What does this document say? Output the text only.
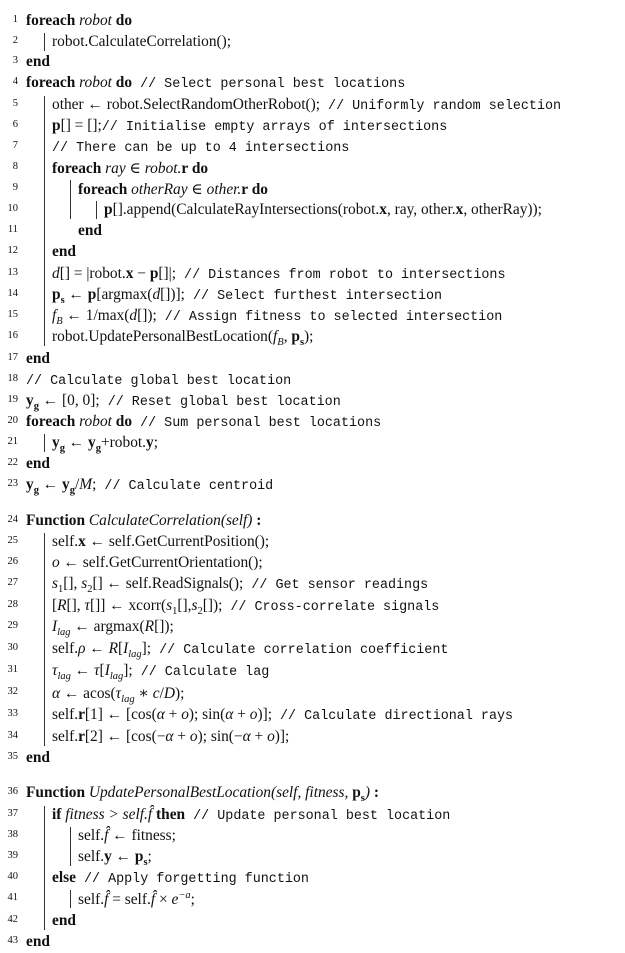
1 foreach robot do
2 robot.CalculateCorrelation();
3 end
4 foreach robot do // Select personal best locations
5 other ← robot.SelectRandomOtherRobot(); // Uniformly random selection
6 p[] = [];// Initialise empty arrays of intersections
7	// There can be up to 4 intersections
8 foreach ray ∈ robot.r do
9	foreach otherRay ∈ other.r do
10	p[].append(CalculateRayIntersections(robot.x, ray, other.x, otherRay));
11	end
12 end
13 d[] = |robot.x − p[]|; // Distances from robot to intersections
14 $p_s$ ← p[argmax(d[])]; // Select furthest intersection
15 $f_B$ ← 1/max(d[]); // Assign fitness to selected intersection
16 $robot.UpdatePersonalBestLocation(f_B$, $p_s$);
17 end
18 // Calculate global best location
19 $y_g$ ← [0, 0]; // Reset global best location
20 foreach robot do // Sum personal best locations
21 $y_g$ ← $y_g+robot.y$;
22 end
23 $y_g$ ← $y_g/M$; // Calculate centroid
24 Function CalculateCorrelation(self) :
25 self.x ← self.GetCurrentPosition();
26 o ← self.GetCurrentOrientation();
27 $s_1[]$, $s_2[]$ ← self.ReadSignals(); // Get sensor readings
28 [R[], τ[]] ← $xcorr(s_1[],s_2[])$; // Cross-correlate signals
29 $I_{lag}$ ← argmax(R[]);
30 self.ρ ← $R[I_{lag}]$; // Calculate correlation coefficient
31 $\tau_{lag}$ ← $\tau[I_{lag}]$; // Calculate lag
32 α ← $acos(\tau_{lag}$ ∗ c/D);
33 self.r[1] ← [cos(α + o); sin(α + o)]; // Calculate directional rays
34 self.r[2] ← [cos(−α + o); sin(−α + o)];
35 end
36 Function UpdatePersonalBestLocation(self, fitness, $p_s$) :
37 if fitness > self.f̂ then // Update personal best location
38	self.f̂ ← fitness;
39	self.y ← $p_s$;
40 else // Apply forgetting function
41	self.f̂ = self.f̂ × $e^{-a}$;
42 end
43 end
